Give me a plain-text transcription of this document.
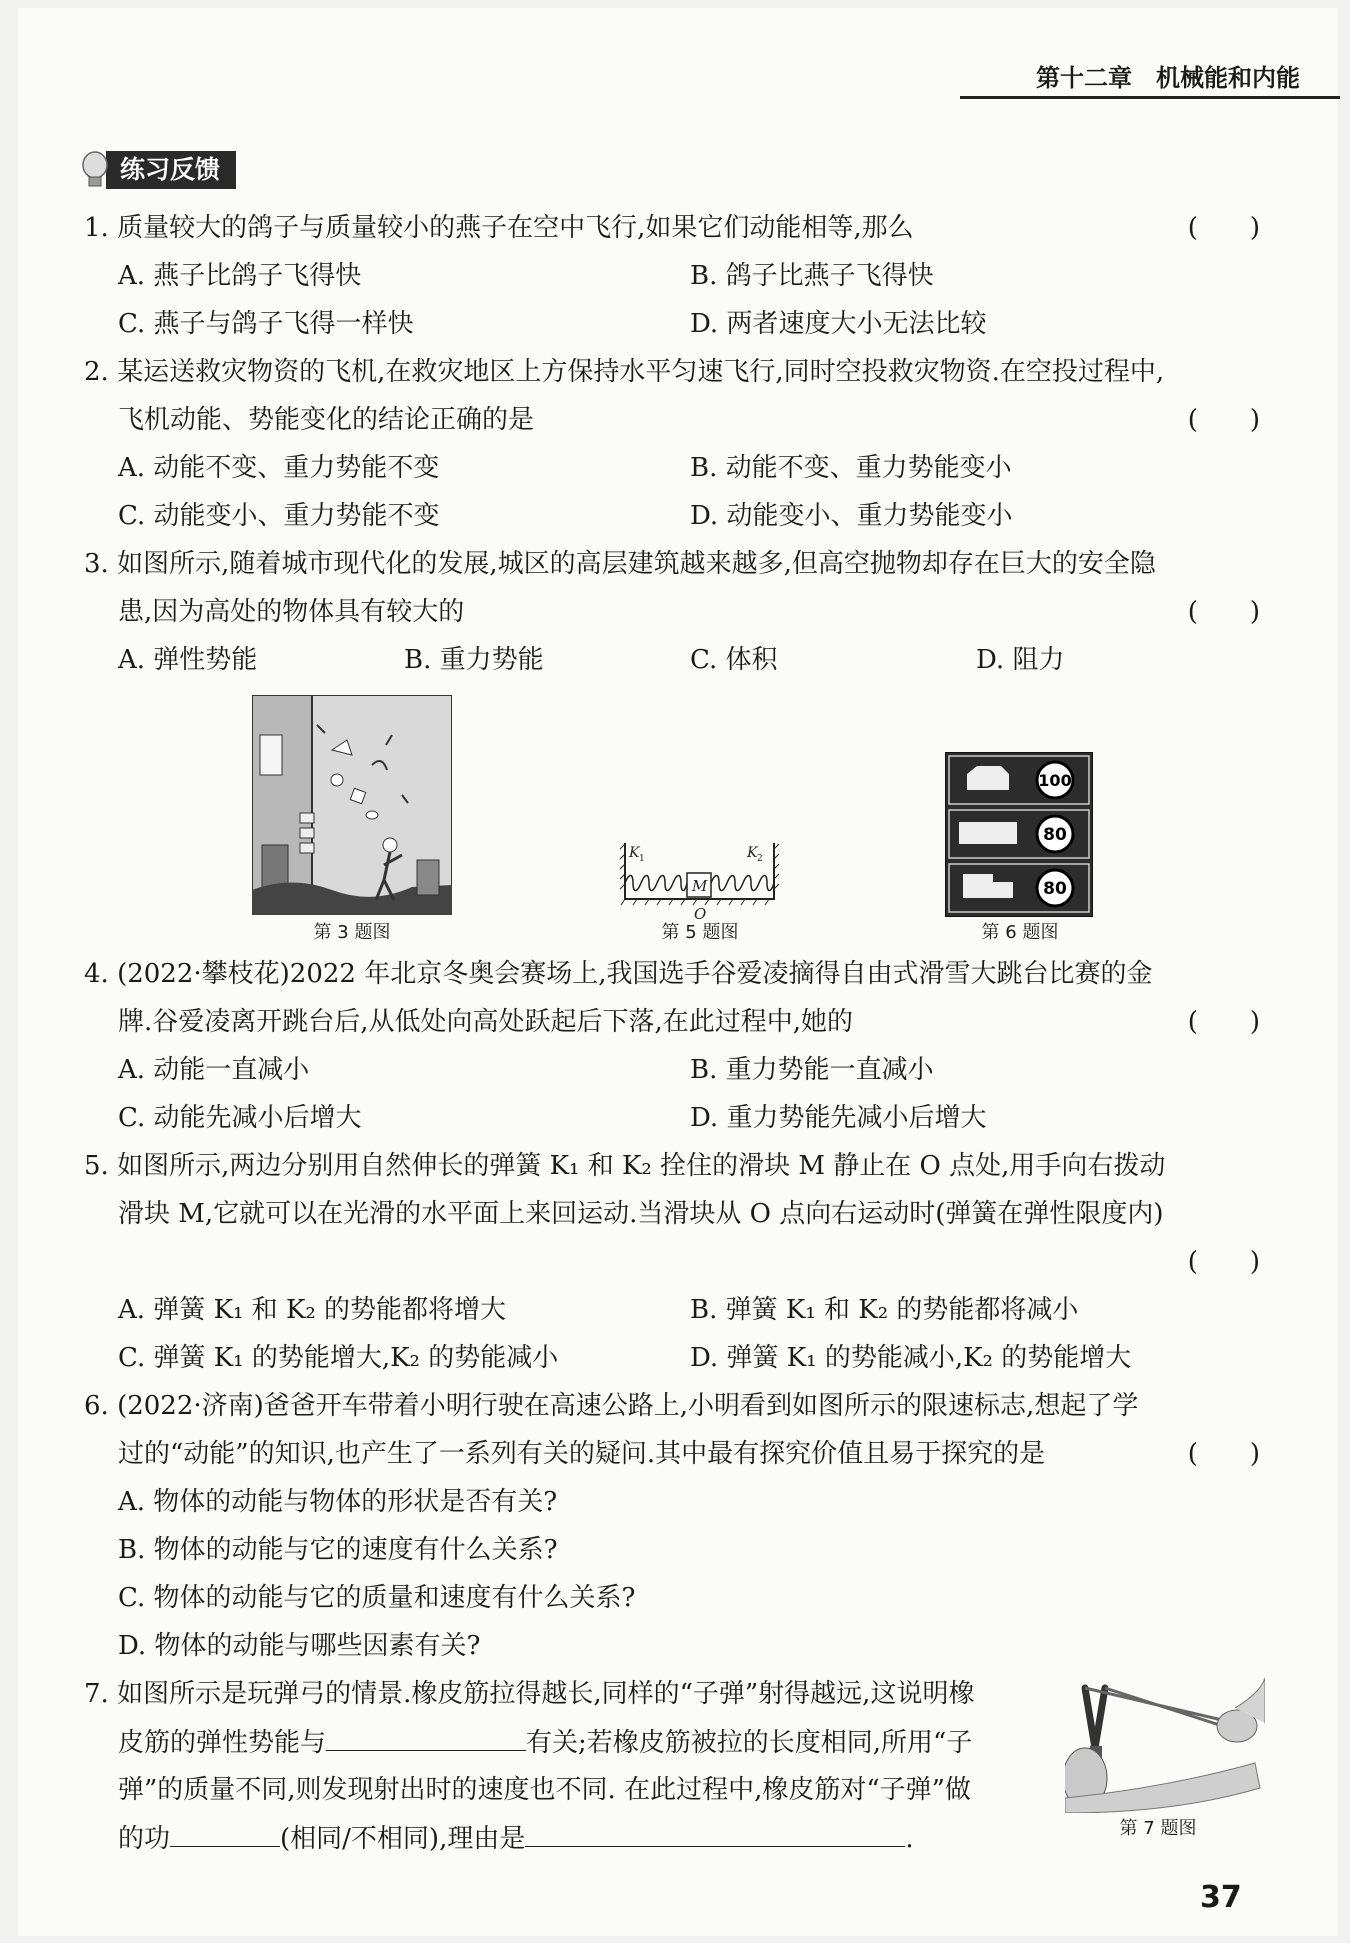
第十二章　机械能和内能
练习反馈
1. 质量较大的鸽子与质量较小的燕子在空中飞行,如果它们动能相等,那么	(　　)
A. 燕子比鸽子飞得快	B. 鸽子比燕子飞得快
C. 燕子与鸽子飞得一样快	D. 两者速度大小无法比较
2. 某运送救灾物资的飞机,在救灾地区上方保持水平匀速飞行,同时空投救灾物资.在空投过程中,
飞机动能、势能变化的结论正确的是	(　　)
A. 动能不变、重力势能不变	B. 动能不变、重力势能变小
C. 动能变小、重力势能不变	D. 动能变小、重力势能变小
3. 如图所示,随着城市现代化的发展,城区的高层建筑越来越多,但高空抛物却存在巨大的安全隐
患,因为高处的物体具有较大的	(　　)
A. 弹性势能	B. 重力势能	C. 体积	D. 阻力
第 3 题图
K 1	K 2
M
O
第 5 题图
100
80
80
第 6 题图
4. (2022·攀枝花)2022 年北京冬奥会赛场上,我国选手谷爱凌摘得自由式滑雪大跳台比赛的金
牌.谷爱凌离开跳台后,从低处向高处跃起后下落,在此过程中,她的	(　　)
A. 动能一直减小	B. 重力势能一直减小
C. 动能先减小后增大	D. 重力势能先减小后增大
5. 如图所示,两边分别用自然伸长的弹簧 K₁ 和 K₂ 拴住的滑块 M 静止在 O 点处,用手向右拨动
滑块 M,它就可以在光滑的水平面上来回运动.当滑块从 O 点向右运动时(弹簧在弹性限度内)
(　　)
A. 弹簧 K₁ 和 K₂ 的势能都将增大	B. 弹簧 K₁ 和 K₂ 的势能都将减小
C. 弹簧 K₁ 的势能增大,K₂ 的势能减小	D. 弹簧 K₁ 的势能减小,K₂ 的势能增大
6. (2022·济南)爸爸开车带着小明行驶在高速公路上,小明看到如图所示的限速标志,想起了学
过的“动能”的知识,也产生了一系列有关的疑问.其中最有探究价值且易于探究的是	(　　)
A. 物体的动能与物体的形状是否有关?
B. 物体的动能与它的速度有什么关系?
C. 物体的动能与它的质量和速度有什么关系?
D. 物体的动能与哪些因素有关?
7. 如图所示是玩弹弓的情景.橡皮筋拉得越长,同样的“子弹”射得越远,这说明橡
皮筋的弹性势能与	有关;若橡皮筋被拉的长度相同,所用“子
弹”的质量不同,则发现射出时的速度也不同. 在此过程中,橡皮筋对“子弹”做
的功	(相同/不相同),理由是	.	第 7 题图
37
